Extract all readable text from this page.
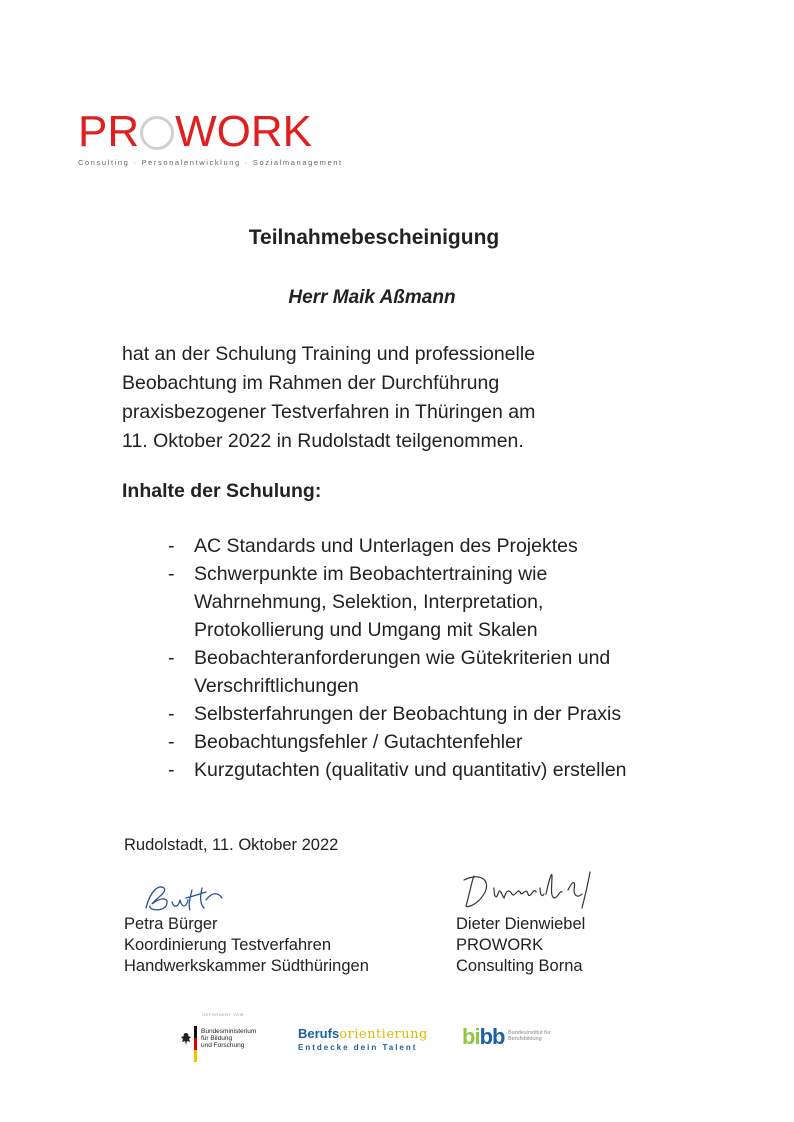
PR WORK
Consulting · Personalentwicklung · Sozialmanagement
Teilnahmebescheinigung
Herr Maik Aßmann
hat an der Schulung Training und professionelle
Beobachtung im Rahmen der Durchführung
praxisbezogener Testverfahren in Thüringen am
11. Oktober 2022 in Rudolstadt teilgenommen.
Inhalte der Schulung:
-	AC Standards und Unterlagen des Projektes
-	Schwerpunkte im Beobachtertraining wie
Wahrnehmung, Selektion, Interpretation,
Protokollierung und Umgang mit Skalen
-	Beobachteranforderungen wie Gütekriterien und
Verschriftlichungen
-	Selbsterfahrungen der Beobachtung in der Praxis
-	Beobachtungsfehler / Gutachtenfehler
-	Kurzgutachten (qualitativ und quantitativ) erstellen
Rudolstadt, 11. Oktober 2022
Petra Bürger
Koordinierung Testverfahren
Handwerkskammer Südthüringen
Dieter Dienwiebel
PROWORK
Consulting Borna
GEFÖRDERT VOM
Bundesministerium
für Bildung
und Forschung
Berufsorientierung
Entdecke dein Talent	bibb Bundesinstitut für
Berufsbildung
